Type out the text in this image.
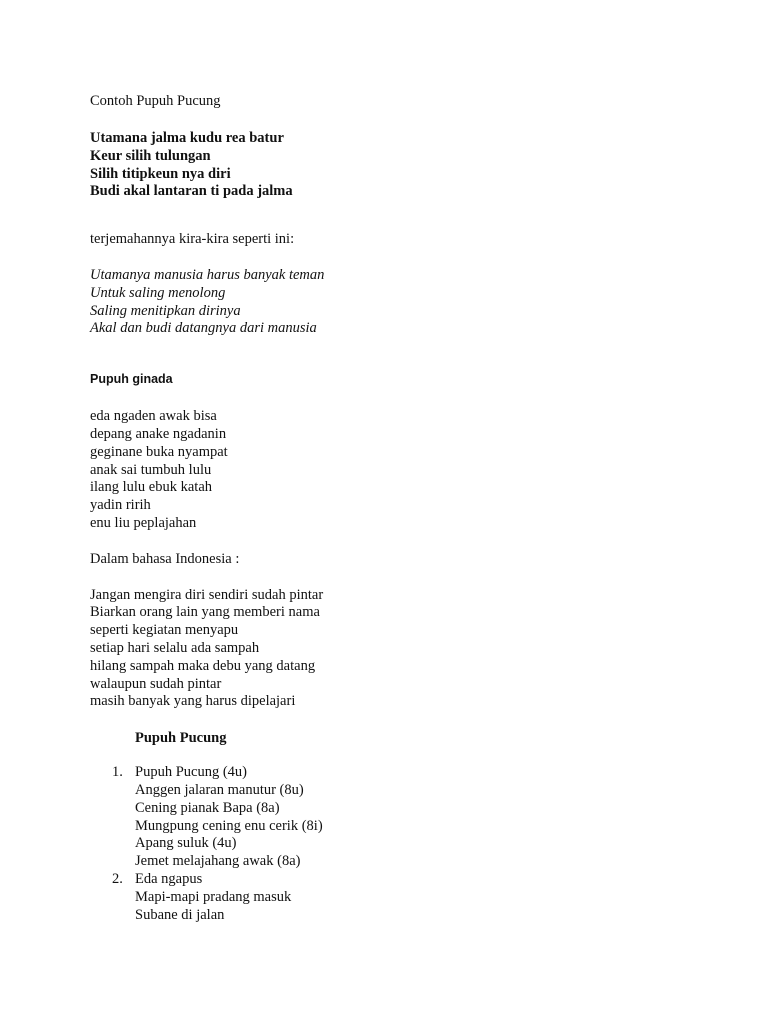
Contoh Pupuh Pucung
Utamana jalma kudu rea batur
Keur silih tulungan
Silih titipkeun nya diri
Budi akal lantaran ti pada jalma
terjemahannya kira-kira seperti ini:
Utamanya manusia harus banyak teman
Untuk saling menolong
Saling menitipkan dirinya
Akal dan budi datangnya dari manusia
Pupuh ginada
eda ngaden awak bisa
depang anake ngadanin
geginane buka nyampat
anak sai tumbuh lulu
ilang lulu ebuk katah
yadin ririh
enu liu peplajahan
Dalam bahasa Indonesia :
Jangan mengira diri sendiri sudah pintar
Biarkan orang lain yang memberi nama
seperti kegiatan menyapu
setiap hari selalu ada sampah
hilang sampah maka debu yang datang
walaupun sudah pintar
masih banyak yang harus dipelajari
Pupuh Pucung
1. Pupuh Pucung (4u)
Anggen jalaran manutur (8u)
Cening pianak Bapa (8a)
Mungpung cening enu cerik (8i)
Apang suluk (4u)
Jemet melajahang awak (8a)
2. Eda ngapus
Mapi-mapi pradang masuk
Subane di jalan
